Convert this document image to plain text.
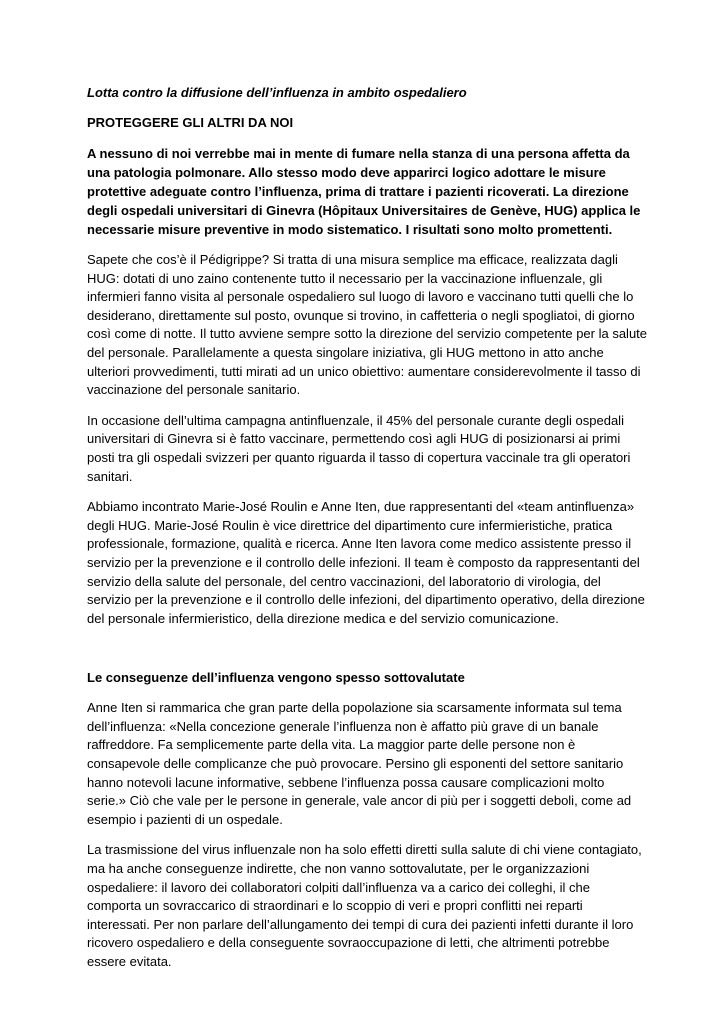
Lotta contro la diffusione dell’influenza in ambito ospedaliero

PROTEGGERE GLI ALTRI DA NOI

A nessuno di noi verrebbe mai in mente di fumare nella stanza di una persona affetta da una patologia polmonare. Allo stesso modo deve apparirci logico adottare le misure protettive adeguate contro l’influenza, prima di trattare i pazienti ricoverati. La direzione degli ospedali universitari di Ginevra (Hôpitaux Universitaires de Genève, HUG) applica le necessarie misure preventive in modo sistematico. I risultati sono molto promettenti.

Sapete che cos’è il Pédigrippe? Si tratta di una misura semplice ma efficace, realizzata dagli HUG: dotati di uno zaino contenente tutto il necessario per la vaccinazione influenzale, gli infermieri fanno visita al personale ospedaliero sul luogo di lavoro e vaccinano tutti quelli che lo desiderano, direttamente sul posto, ovunque si trovino, in caffetteria o negli spogliatoi, di giorno così come di notte. Il tutto avviene sempre sotto la direzione del servizio competente per la salute del personale. Parallelamente a questa singolare iniziativa, gli HUG mettono in atto anche ulteriori provvedimenti, tutti mirati ad un unico obiettivo: aumentare considerevolmente il tasso di vaccinazione del personale sanitario.

In occasione dell’ultima campagna antinfluenzale, il 45% del personale curante degli ospedali universitari di Ginevra si è fatto vaccinare, permettendo così agli HUG di posizionarsi ai primi posti tra gli ospedali svizzeri per quanto riguarda il tasso di copertura vaccinale tra gli operatori sanitari.

Abbiamo incontrato Marie-José Roulin e Anne Iten, due rappresentanti del «team antinfluenza» degli HUG. Marie-José Roulin è vice direttrice del dipartimento cure infermieristiche, pratica professionale, formazione, qualità e ricerca. Anne Iten lavora come medico assistente presso il servizio per la prevenzione e il controllo delle infezioni. Il team è composto da rappresentanti del servizio della salute del personale, del centro vaccinazioni, del laboratorio di virologia, del servizio per la prevenzione e il controllo delle infezioni, del dipartimento operativo, della direzione del personale infermieristico, della direzione medica e del servizio comunicazione.

Le conseguenze dell’influenza vengono spesso sottovalutate

Anne Iten si rammarica che gran parte della popolazione sia scarsamente informata sul tema dell’influenza: «Nella concezione generale l’influenza non è affatto più grave di un banale raffreddore. Fa semplicemente parte della vita. La maggior parte delle persone non è consapevole delle complicanze che può provocare. Persino gli esponenti del settore sanitario hanno notevoli lacune informative, sebbene l’influenza possa causare complicazioni molto serie.» Ciò che vale per le persone in generale, vale ancor di più per i soggetti deboli, come ad esempio i pazienti di un ospedale.

La trasmissione del virus influenzale non ha solo effetti diretti sulla salute di chi viene contagiato, ma ha anche conseguenze indirette, che non vanno sottovalutate, per le organizzazioni ospedaliere: il lavoro dei collaboratori colpiti dall’influenza va a carico dei colleghi, il che comporta un sovraccarico di straordinari e lo scoppio di veri e propri conflitti nei reparti interessati. Per non parlare dell’allungamento dei tempi di cura dei pazienti infetti durante il loro ricovero ospedaliero e della conseguente sovraoccupazione di letti, che altrimenti potrebbe essere evitata.
